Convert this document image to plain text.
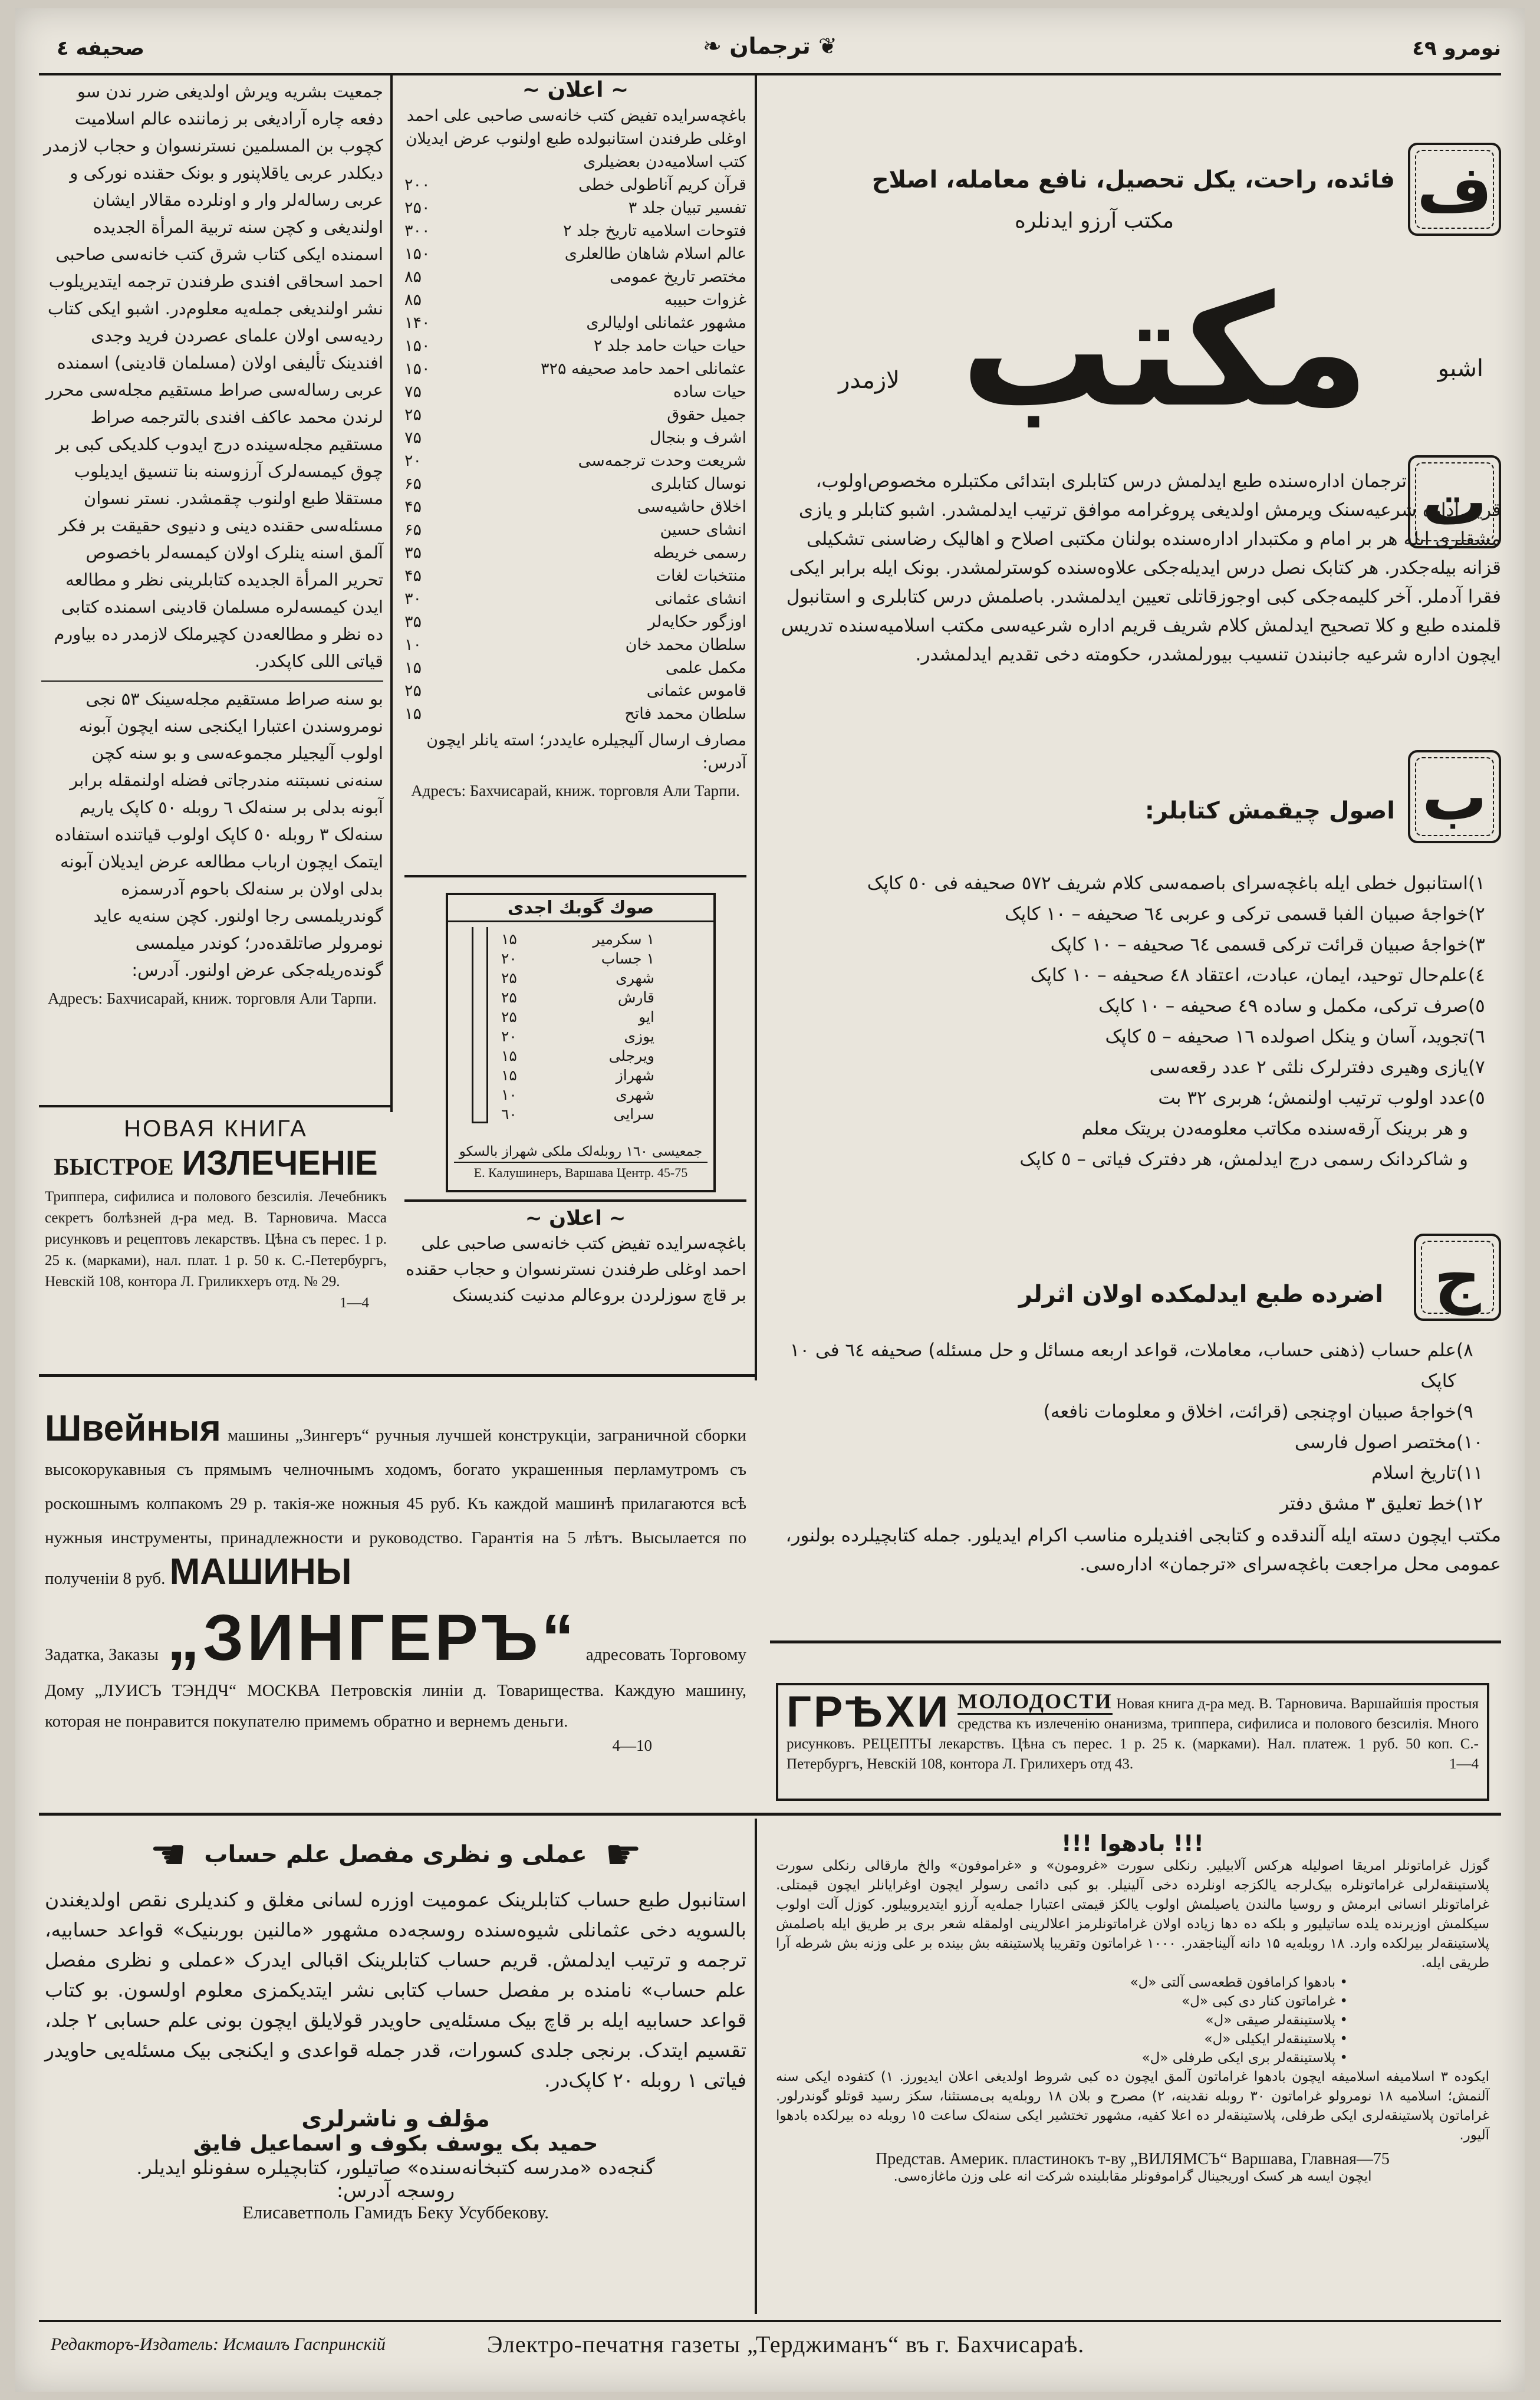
نومرو ٤٩
❦ ترجمان ❧
صحیفه ٤

جمعیت بشریه ویرش اولدیغی ضرر ندن سو دفعه چاره آرادیغی بر زماننده عالم اسلامیت کچوب بن المسلمین نسترنسوان و حجاب لازمدر دیکلدر عربی یاقلاپنور و بونک حقنده نورکی و عربی رساله‌لر وار و اونلرده مقالار ایشان اولندیغی و کچن سنه تربیة المرأة الجدیده اسمنده ایکی کتاب شرق کتب خانه‌سی صاحبی احمد اسحاقی افندی طرفندن ترجمه ایتدیریلوب نشر اولندیغی جمله‌یه معلوم‌در. اشبو ایکی کتاب ردیه‌سی اولان علمای عصردن فرید وجدی افندینک تألیفی اولان (مسلمان قادینی) اسمنده عربی رساله‌سی صراط مستقیم مجله‌سی محرر لرندن محمد عاکف افندی بالترجمه صراط مستقیم مجله‌سینده درج ایدوب کلدیکی کبی بر چوق کیمسه‌لرک آرزوسنه بنا تنسیق ایدیلوب مستقلا طبع اولنوب چقمشدر. نستر نسوان مسئله‌سی حقنده دینی و دنیوی حقیقت بر فکر آلمق اسنه ینلرک اولان کیمسه‌لر باخصوص تحریر المرأة الجدیده کتابلرینی نظر و مطالعه ایدن کیمسه‌لره مسلمان قادینی اسمنده کتابی ده نظر و مطالعه‌دن کچیرملک لازمدر ده بیاورم قیاتی اللی کاپکدر.

بو سنه صراط مستقیم مجله‌سینک ۵۳ نجی نومروسندن اعتبارا ایکنجی سنه ایچون آبونه اولوب آلیجیلر مجموعه‌سی و بو سنه کچن سنه‌نی نسبتنه مندرجاتی فضله اولنمقله برابر آبونه بدلی بر سنه‌لک ٦ روبله ٥٠ کاپک یاریم سنه‌لک ۳ روبله ٥٠ کاپک اولوب قیاتنده استفاده ایتمک ایچون ارباب مطالعه عرض ایدیلان آبونه بدلی اولان بر سنه‌لک باحوم آدرسمزه گوندریلمسی رجا اولنور. کچن سنه‌یه عاید نومرولر صاتلقده‌در؛ کوندر میلمسی گونده‌ریله‌جکی عرض اولنور. آدرس:

Адресъ: Бахчисарай, книж. торговля Али Тарпи.
~ اعلان ~
باغچه‌سرایده تفیض کتب خانه‌سی صاحبی علی احمد اوغلی طرفندن استانبولده طبع اولنوب عرض ایدیلان کتب اسلامیه‌دن بعضیلری
قرآن کریم آناطولی خطی
۲۰۰
تفسیر تبیان جلد ۳
۲۵۰
فتوحات اسلامیه تاریخ جلد ۲
۳۰۰
عالم اسلام شاهان طالعلری
۱۵۰
مختصر تاریخ عمومی
۸۵
غزوات حبیبه
۸۵
مشهور عثمانلی اولیالری
۱۴۰
حیات حیات حامد جلد ۲
۱۵۰
عثمانلی احمد حامد صحیفه ۳۲۵
۱۵۰
حیات ساده
۷۵
جمیل حقوق
۲۵
اشرف و بنجال
۷۵
شریعت وحدت ترجمه‌سی
۲۰
نوسال کتابلری
۶۵
اخلاق حاشیه‌سی
۴۵
انشای حسین
۶۵
رسمی خریطه
۳۵
منتخبات لغات
۴۵
انشای عثمانی
۳۰
اوزگور حکایه‌لر
۳۵
سلطان محمد خان
۱۰
مکمل علمی
۱۵
قاموس عثمانی
۲۵
سلطان محمد فاتح
۱۵
مصارف ارسال آلیجیلره عایددر؛ استه یانلر ایچون آدرس:
Адресъ: Бахчисарай, книж. торговля Али Тарпи.
صوك گوبك اجدی
۱ سکرمیر
۱۵
۱ جساب
۲۰
شهری
۲۵
قارش
۲۵
ایو
۲۵
یوزی
۲۰
ویرجلی
۱۵
شهراز
۱۵
شهری
۱۰
سرایی
٦٠
جمعیسی ۱٦۰ روبله‌لک ملکی شهراز بالسکو
Е. Калушинеръ, Варшава Центр. 45-75
~ اعلان ~
باغچه‌سرایده تفیض کتب خانه‌سی صاحبی علی احمد اوغلی طرفندن نسترنسوان و حجاب حقنده بر قاچ سوزلردن بروعالم مدنیت کندیسنک
НОВАЯ КНИГА
БЫСТРОЕ ИЗЛЕЧЕНІЕ
Триппера, сифилиса и полового безсилія. Лечебникъ секретъ болѣзней д-ра мед. В. Тарновича. Масса рисунковъ и рецептовъ лекарствъ. Цѣна съ перес. 1 р. 25 к. (марками), нал. плат. 1 р. 50 к. С.-Петербургъ, Невскій 108, контора Л. Гриликхеръ отд. № 29.
1—4
ف
فائده، راحت، یکل تحصیل، نافع معامله، اصلاح
مکتب آرزو ایدنلره
اشبو
مكتب
لازمدر
ت
ترجمان اداره‌سنده طبع ایدلمش درس کتابلری ابتدائی مکتبلره مخصوص‌اولوب، قریم اداره شرعیه‌سنک ویرمش اولدیغی پروغرامه موافق ترتیب ایدلمشدر. اشبو کتابلر و یازی مشقلری ایله هر بر امام و مکتبدار اداره‌سنده بولنان مکتبی اصلاح و اهالیک رضاسنی تشکیلی قزانه بیله‌جکدر. هر کتابک نصل درس ایدیله‌جکی علاوه‌سنده کوسترلمشدر. بونک ایله برابر ایکی فقرا آدملر. آخر کلیمه‌جکی کبی اوجوزقاتلی تعیین ایدلمشدر. باصلمش درس کتابلری و استانبول قلمنده طبع و کلا تصحیح ایدلمش کلام شریف قریم اداره شرعیه‌سی مکتب اسلامیه‌سنده تدریس ایچون اداره شرعیه جانبندن تنسیب بیورلمشدر، حکومته دخی تقدیم ایدلمشدر.
ب
اصول چیقمش کتابلر:
۱)
استانبول خطی ایله باغچه‌سرای باصمه‌سی کلام شریف ٥۷۲ صحیفه فی ٥٠ کاپک
۲)
خواجهٔ صبیان الفبا قسمی ترکی و عربی ٦٤ صحیفه – ۱۰ کاپک
۳)
خواجهٔ صبیان قرائت ترکی قسمی ٦٤ صحیفه – ۱۰ کاپک
٤)
علم‌حال توحید، ایمان، عبادت، اعتقاد ٤٨ صحیفه – ۱۰ کاپک
٥)
صرف ترکی، مکمل و ساده ٤٩ صحیفه – ۱۰ کاپک
٦)
تجوید، آسان و ینکل اصولده ۱٦ صحیفه – ٥ کاپک
۷)
یازی وهیری دفترلرک نلثی ۲ عدد رقعه‌سی
٥)
عدد اولوب ترتیب اولنمش؛ هربری ۳۲ بت
و هر برینک آرقه‌سنده مکاتب معلومه‌دن بریتک معلم
و شاکردانک رسمی درج ایدلمش، هر دفترک فیاتی – ٥ کاپک
ج
اضرده طبع ایدلمکده اولان اثرلر
۸)
علم حساب (ذهنی حساب، معاملات، قواعد اربعه مسائل و حل مسئله) صحیفه ٦٤ فی ۱۰ کاپک
۹)
خواجهٔ صبیان اوچنجی (قرائت، اخلاق و معلومات نافعه)
۱۰)
مختصر اصول فارسی
۱۱)
تاریخ اسلام
۱۲)
خط تعلیق ۳ مشق دفتر
مکتب ایچون دسته ایله آلندقده و کتابجی افندیلره مناسب اکرام ایدیلور. جمله کتابچیلرده بولنور، عمومی محل مراجعت باغچه‌سرای «ترجمان» اداره‌سی.
Швейныя машины „Зингеръ“ ручныя лучшей конструкціи, заграничной сборки высокорукавныя съ прямымъ челночнымъ ходомъ, богато украшенныя перламутромъ съ роскошнымъ колпакомъ 29 р. такія-же ножныя 45 руб. Къ каждой машинѣ прилагаются всѣ нужныя инструменты, принадлежности и руководство. Гарантія на 5 лѣтъ. Высылается по полученіи 8 руб. МАШИНЫ
Задатка, Заказы „ЗИНГЕРЪ“ адресовать Торговому
Дому „ЛУИСЪ ТЭНДЧ“ МОСКВА Петровскія линіи д. Товарищества. Каждую машину, которая не понравится покупателю примемъ обратно и вернемъ деньги.
4—10
ГРѢХИ МОЛОДОСТИ Новая книга д-ра мед. В. Тарновича. Варшайшія простыя средства къ излеченію онанизма, триппера, сифилиса и полового безсилія. Много рисунковъ. РЕЦЕПТЫ лекарствъ. Цѣна съ перес. 1 р. 25 к. (марками). Нал. платеж. 1 руб. 50 коп. С.-Петербургъ, Невскій 108, контора Л. Грилихеръ отд 43.	1—4
☛
عملی و نظری مفصل علم حساب
☛
استانبول طبع حساب کتابلرینک عمومیت اوزره لسانی مغلق و کندیلری نقص اولدیغندن بالسویه دخی عثمانلی شیوه‌سنده روسجه‌ده مشهور «مالنین بوربنیک» قواعد حسابیه، ترجمه و ترتیب ایدلمش. قریم حساب کتابلرینک اقبالی ایدرک «عملی و نظری مفصل علم حساب» نامنده بر مفصل حساب کتابی نشر ایتدیکمزی معلوم اولسون. بو کتاب قواعد حسابیه ایله بر قاچ بیک مسئله‌یی حاویدر قولایلق ایچون بونی علم حسابی ۲ جلد، تقسیم ایتدک. برنجی جلدی کسورات، قدر جمله قواعدی و ایکنجی بیک مسئله‌یی حاویدر فیاتی ۱ روبله ۲۰ کاپک‌در.
مؤلف و ناشرلری
حمید بک یوسف بکوف و اسماعیل فایق
گنجه‌ده «مدرسه کتبخانه‌سنده» صاتیلور، کتابچیلره سفونلو ایدیلر.
روسجه آدرس:
Елисаветполь Гамидъ Беку Усуббекову.
!!! بادهوا !!!
گوزل غراماتونلر امریقا اصولیله هرکس آلابیلیر. رنکلی سورت «غرومون» و «غراموفون» والخ مارقالی رنکلی سورت پلاستینقه‌لرلی غراماتونلره بیک‌لرجه یالکزجه اونلرده دخی آلینیلر. بو کبی دائمی رسولر ایچون اوغرایانلر ایچون قیمتلی. غراماتونلر انسانی ابرمش و روسیا مالندن یاصیلمش اولوب یالکز قیمتی اعتبارا جمله‌یه آرزو ایتدیروبیلور. کوزل آلت اولوب سیکلمش اوزیرنده یلده ساتیلیور و بلکه ده دها زیاده اولان غراماتونلرمز اعلالرینی اولمقله شعر بری بر طریق ایله باصلمش پلاستینقه‌لر بیرلکده وارد. ۱۸ روبله‌یه ۱۵ دانه آلیناجقدر. ۱۰۰۰ غراماتون وتقریبا پلاستینقه بش بینده بر علی وزنه بش شرطه آرا طریقی ایله.
• بادهوا کرامافون قطعه‌سی آلتی «ل»
• غراماتون کنار دی کبی «ل»
• پلاستینقه‌لر صیقی «ل»
• پلاستینقه‌لر ایکیلی «ل»
• پلاستینقه‌لر بری ایکی طرفلی «ل»
ایکوده ۳ اسلامیفه اسلامیفه ایچون بادهوا غراماتون آلمق ایچون ده کبی شروط اولدیغی اعلان ایدیورز. ۱) کتفوده ایکی سنه آلنمش؛ اسلامیه ۱۸ نومرولو غراماتون ۳۰ روبله نقدینه، ۲) مصرح و بلان ۱۸ روبله‌یه بی‌مستثنا، سکز رسید قوتلو گوندرلور. غراماتون پلاستینقه‌لری ایکی طرفلی، پلاستینقه‌لر ده اعلا کفیه، مشهور تختشیر ایکی سنه‌لک ساعت ۱٥ روبله ده بیرلکده بادهوا آلیور.
Представ. Америк. пластинокъ т-ву „ВИЛЯМСЪ“ Варшава, Главная—75
ایچون ایسه هر کسک اوریجینال گراموفونلر مقابلینده شرکت انه علی وزن ماغازه‌سی.
Редакторъ-Издатель: Исмаилъ Гаспринскій	Электро-печатня газеты „Терджиманъ“ въ г. Бахчисараѣ.
